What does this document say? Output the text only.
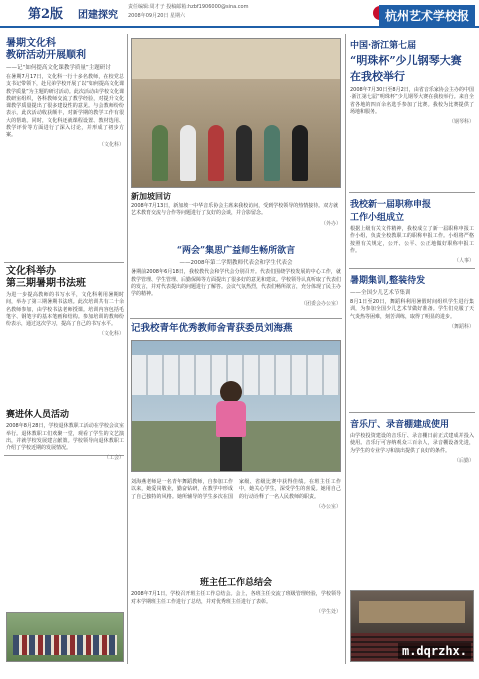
第2版 团建探究
责任编辑:周才子 投稿邮箱:hzbf1906000@sina.com
2008年09月20日 星期六	杭州艺术学校报
暑期文化科
教研活动开展顺利
——记“如何提高文化课教学质量”主题研讨
在暑期7月17日，文化科一行十多名教师，在校党总支书记带领下，赴兄弟学校开展了以“如何提高文化课教学质量”为主题的研讨活动。此次活动由学校文化课教研室组织，各科教师交流了教学经验，对提升文化课教学质量提出了很多建设性的意见。与会教师纷纷表示，此次活动收获颇丰，对新学期的教学工作有很大的帮助。同时，文化科还就课程设置、教材选用、教学评价等方面进行了深入讨论，并形成了初步方案。
（文化科）
文化科举办
第三期暑期书法班
为进一步提高教师的书写水平，文化科利用暑期时间，举办了第三期暑期书法班。此次培训共有二十余名教师参加，由学校书法老师授课。培训内容包括毛笔字、钢笔字的基本笔画和结构。参加培训的教师纷纷表示，通过这次学习，提高了自己的书写水平。
（文化科）
赛进休人员活动
2008年8月28日，学校退休教职工活动在学校会议室举行。退休教职工们欢聚一堂，观看了学生的文艺演出，并就学校发展建言献策。学校领导向退休教职工介绍了学校近期的发展情况。
（工会）
新加坡回访
2008年7月13日，新加坡一中华音乐协会主席来我校访问，受到学校领导的热情接待。双方就艺术教育交流与合作等问题进行了友好的会谈，并合影留念。
（外办）
“两会”集思广益师生畅所欲言
——2008年第二学期教师代表会和学生代表会
暑期前2008年6月18日，我校教代会和学代会分别召开。代表们围绕学校发展的中心工作，就教学管理、学生管理、后勤保障等方面提出了很多好的意见和建议。学校领导认真听取了代表们的发言，并对代表提出的问题进行了解答。会议气氛热烈，代表们畅所欲言，充分体现了民主办学的精神。
（团委会办公室）
记我校青年优秀教师舍青获委员刘海燕
刘海燕老师是一名青年舞蹈教师，自参加工作以来，她爱岗敬业，勤奋钻研，在教学中形成了自己独特的风格。她所辅导的学生多次在国家级、省级比赛中获得佳绩。在班主任工作中，她关心学生，深受学生的喜爱。她用自己的行动诠释了一名人民教师的职责。
（办公室）
班主任工作总结会
2008年7月1日，学校召开班主任工作总结会。会上，各班主任交流了班级管理经验，学校领导对本学期班主任工作进行了总结，并对优秀班主任进行了表彰。
（学生处）
中国·浙江第七届
“明珠杯”少儿钢琴大赛
在我校举行
2008年7月30日至8月2日，由省音乐家协会主办的中国·浙江第七届“明珠杯”少儿钢琴大赛在我校举行。来自全省各地的四百余名选手参加了比赛。我校为比赛提供了场地和服务。
（钢琴科）
我校新一届职称申报
工作小组成立
根据上级有关文件精神，我校成立了新一届职称申报工作小组，负责全校教职工的职称申报工作。小组将严格按照有关规定，公开、公平、公正地做好职称申报工作。
（人事）
暑期集训,整装待发
——全国少儿艺术节集训
8月1日至20日，舞蹈科利用暑假时间组织学生进行集训，为参加全国少儿艺术节做好准备。学生们克服了天气炎热等困难，刻苦训练，取得了明显的进步。
（舞蹈科）
音乐厅、录音棚建成使用
由学校投资建设的音乐厅、录音棚日前正式建成并投入使用。音乐厅可容纳观众三百余人，录音棚设备先进，为学生的专业学习和演出提供了良好的条件。
（后勤）
m.dqrzhx.
